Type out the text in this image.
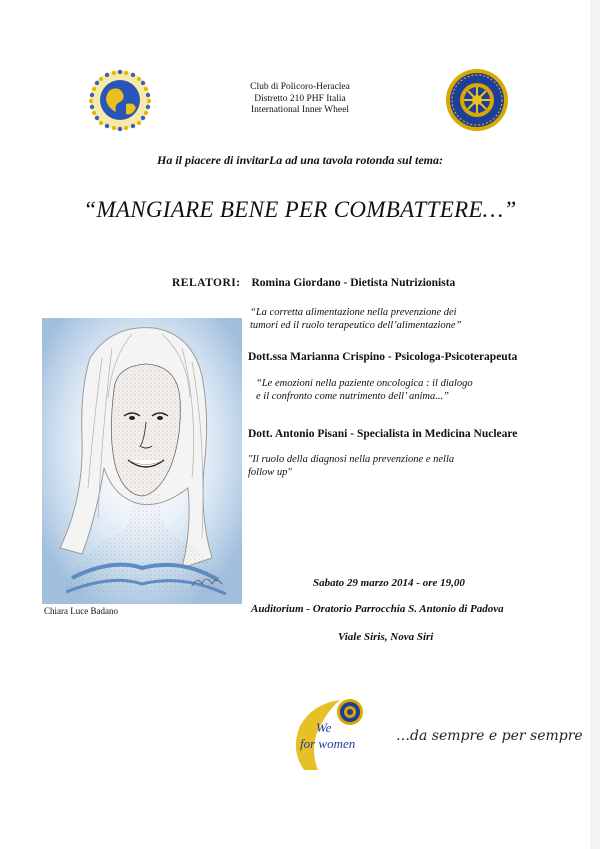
Club di Policoro-Heraclea
Distretto 210 PHF Italia
International Inner Wheel
Ha il piacere di invitarLa ad una tavola rotonda sul tema:
“MANGIARE BENE PER COMBATTERE…”
RELATORI: Romina Giordano - Dietista Nutrizionista
“La corretta alimentazione nella prevenzione dei
tumori ed il ruolo terapeutico dell’alimentazione”
Dott.ssa Marianna Crispino - Psicologa-Psicoterapeuta
“Le emozioni nella paziente oncologica : il dialogo
e il confronto come nutrimento dell’ anima...”
Dott. Antonio Pisani - Specialista in Medicina Nucleare
"Il ruolo della diagnosi nella prevenzione e nella
follow up"
Chiara Luce Badano
Sabato 29 marzo 2014 - ore 19,00
Auditorium - Oratorio Parrocchia S. Antonio di Padova
Viale Siris, Nova Siri
We
for women	…da sempre e per sempre
